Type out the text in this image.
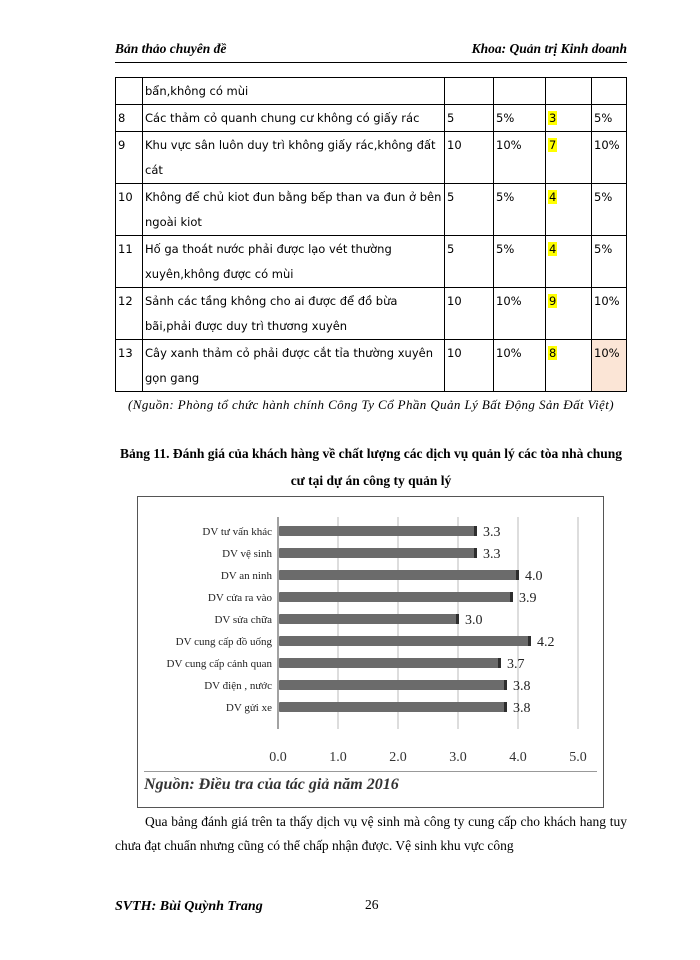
Bản thảo chuyên đề	Khoa: Quản trị Kinh doanh
	bẩn,không có mùi				
8	Các thảm cỏ quanh chung cư không có giấy rác	5	5%	3	5%
9	Khu vực sân luôn duy trì không giấy rác,không đất cát	10	10%	7	10%
10	Không để chủ kiot đun bằng bếp than va đun ở bên ngoài kiot	5	5%	4	5%
11	Hố ga thoát nước phải được lạo vét thường xuyên,không được có mùi	5	5%	4	5%
12	Sảnh các tầng không cho ai được để đồ bừa bãi,phải được duy trì thương xuyên	10	10%	9	10%
13	Cây xanh thảm cỏ phải được cắt tỉa thường xuyên gọn gang	10	10%	8	10%
(Nguồn: Phòng tổ chức hành chính Công Ty Cổ Phần Quản Lý Bất Động Sản Đất Việt)
Bảng 11. Đánh giá của khách hàng về chất lượng các dịch vụ quản lý các tòa nhà chung cư tại dự án công ty quản lý
0.0	1.0	2.0	3.0	4.0	5.0
DV tư vấn khác	3.3
DV vệ sinh	3.3
DV an ninh	4.0
DV cửa ra vào	3.9
DV sửa chữa	3.0
DV cung cấp đồ uống	4.2
DV cung cấp cảnh quan	3.7
DV điện , nước	3.8
DV gửi xe	3.8
Nguồn: Điều tra của tác giả năm 2016
Qua bảng đánh giá trên ta thấy dịch vụ vệ sinh mà công ty cung cấp cho khách hang tuy chưa đạt chuẩn nhưng cũng có thể chấp nhận được. Vệ sinh khu vực công
SVTH: Bùi Quỳnh Trang	26
